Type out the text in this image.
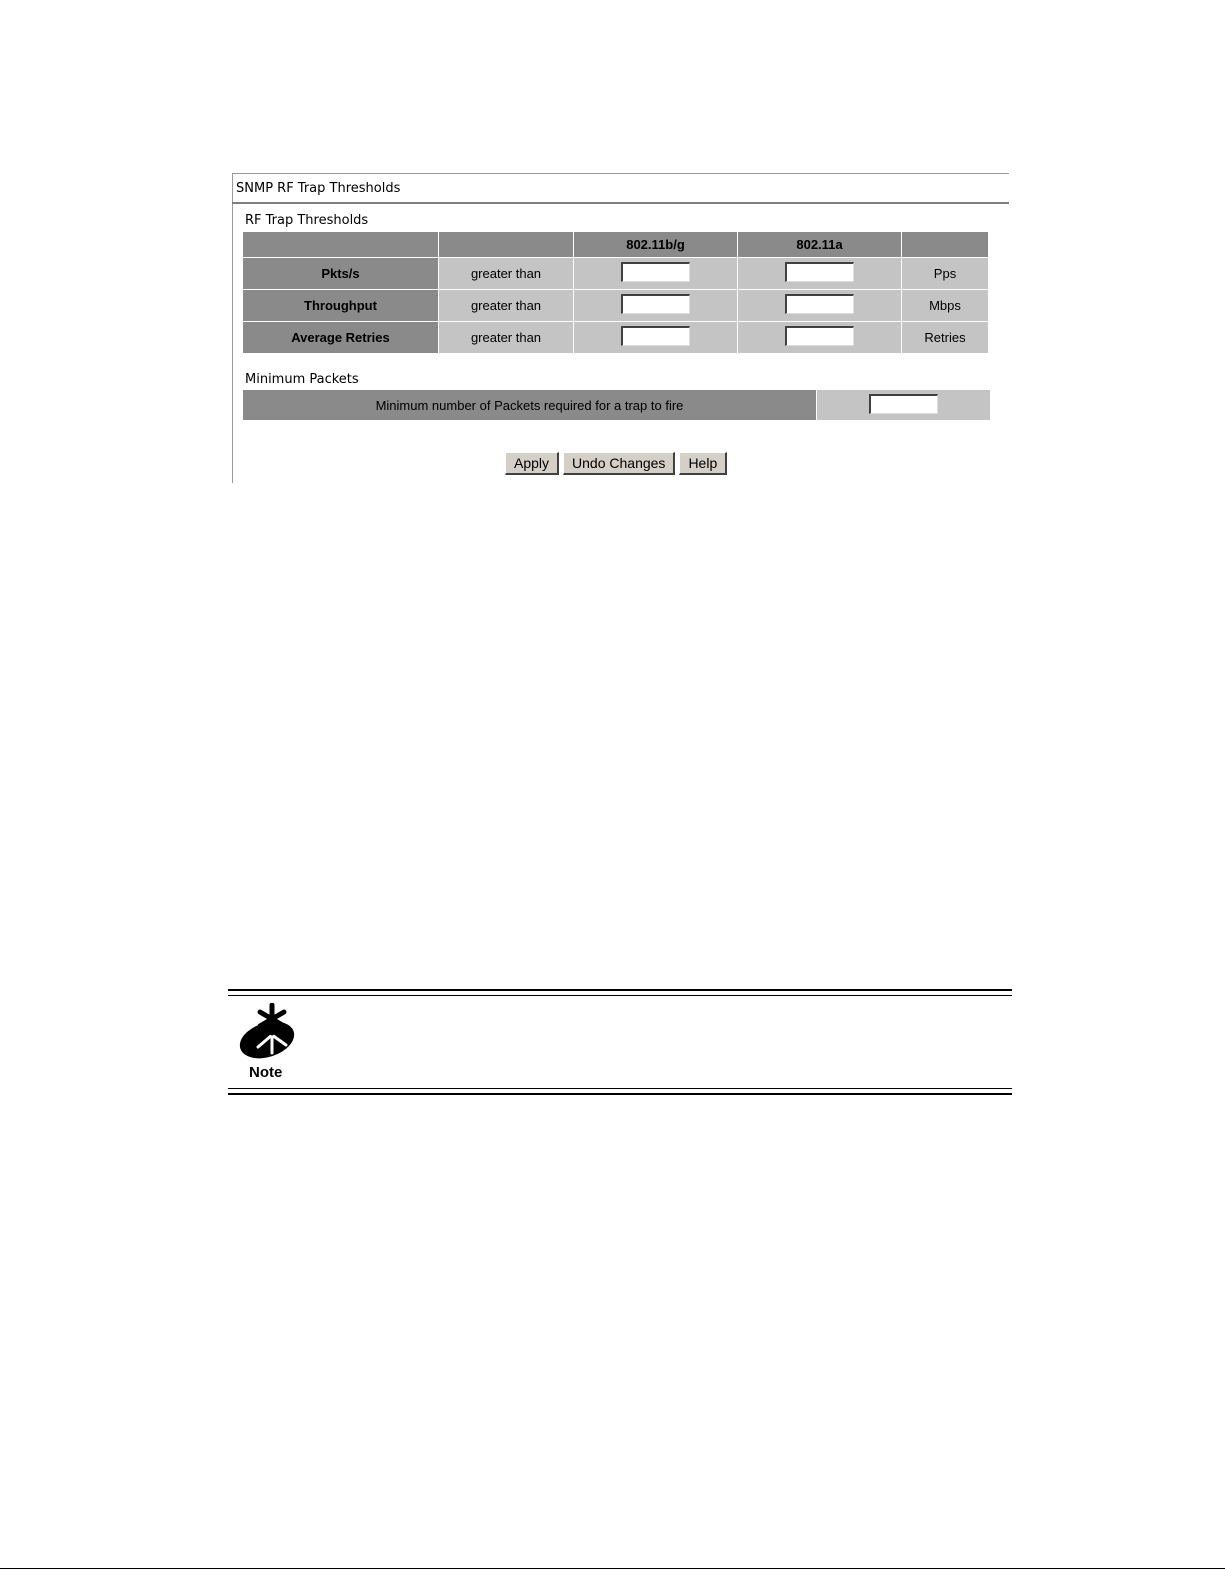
SNMP RF Trap Thresholds
RF Trap Thresholds
		802.11b/g	802.11a	
Pkts/s	greater than			Pps
Throughput	greater than			Mbps
Average Retries	greater than			Retries
Minimum Packets
Minimum number of Packets required for a trap to fire	
Apply	Undo Changes	Help
Note
